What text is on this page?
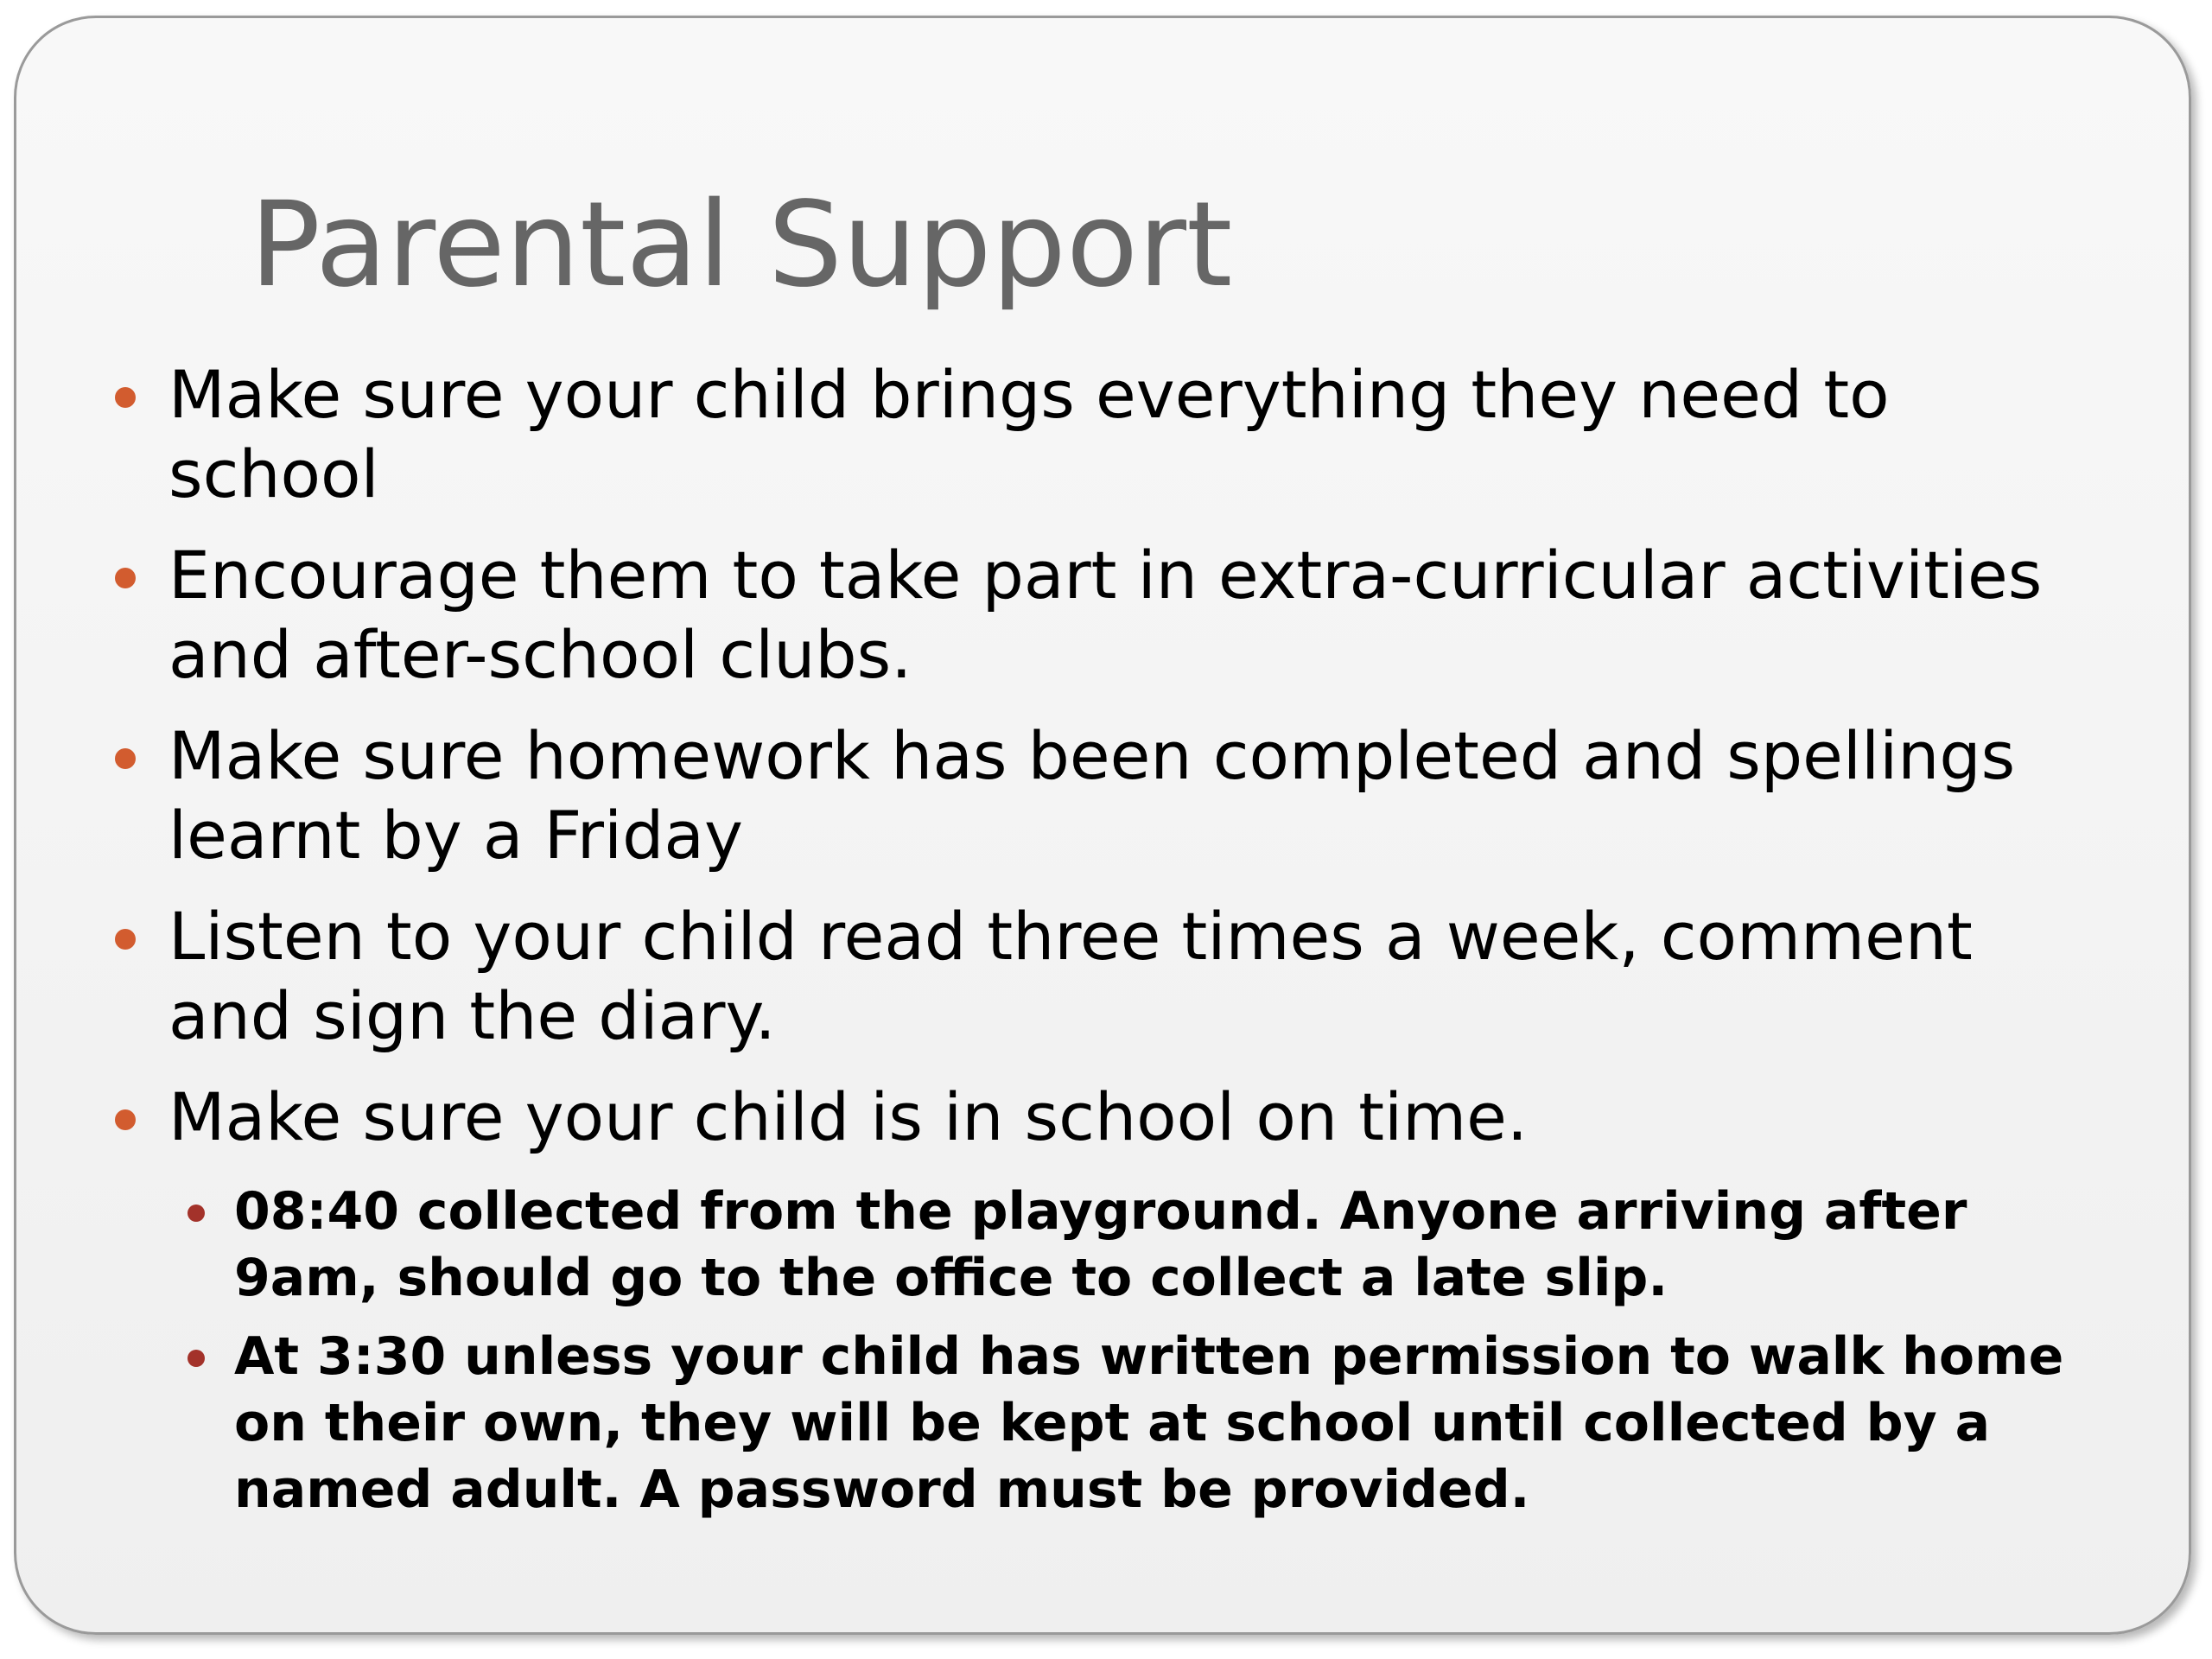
Parental Support
Make sure your child brings everything they need to school
Encourage them to take part in extra-curricular activities and after-school clubs.
Make sure homework has been completed and spellings learnt by a Friday
Listen to your child read three times a week, comment and sign the diary.
Make sure your child is in school on time.
08:40 collected from the playground. Anyone arriving after 9am, should go to the office to collect a late slip.
At 3:30 unless your child has written permission to walk home on their own, they will be kept at school until collected by a named adult. A password must be provided.
